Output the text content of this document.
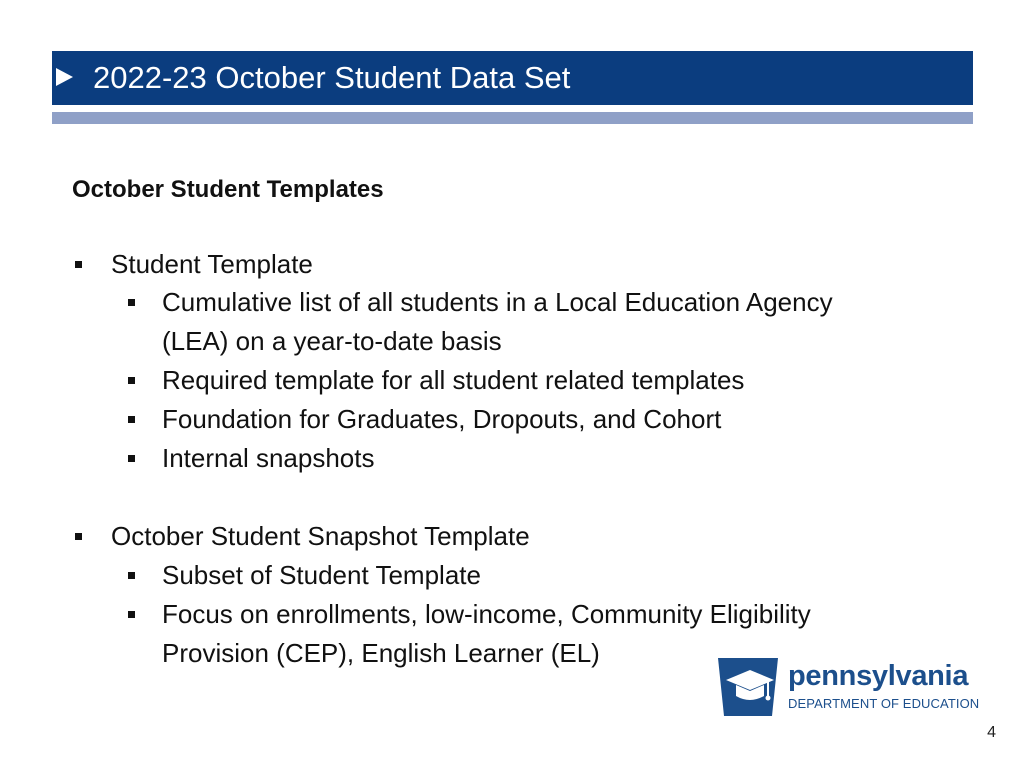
2022-23 October Student Data Set
October Student Templates
Student Template
Cumulative list of all students in a Local Education Agency
(LEA) on a year-to-date basis
Required template for all student related templates
Foundation for Graduates, Dropouts, and Cohort
Internal snapshots
October Student Snapshot Template
Subset of Student Template
Focus on enrollments, low-income, Community Eligibility
Provision (CEP), English Learner (EL)
pennsylvania
DEPARTMENT OF EDUCATION
4
